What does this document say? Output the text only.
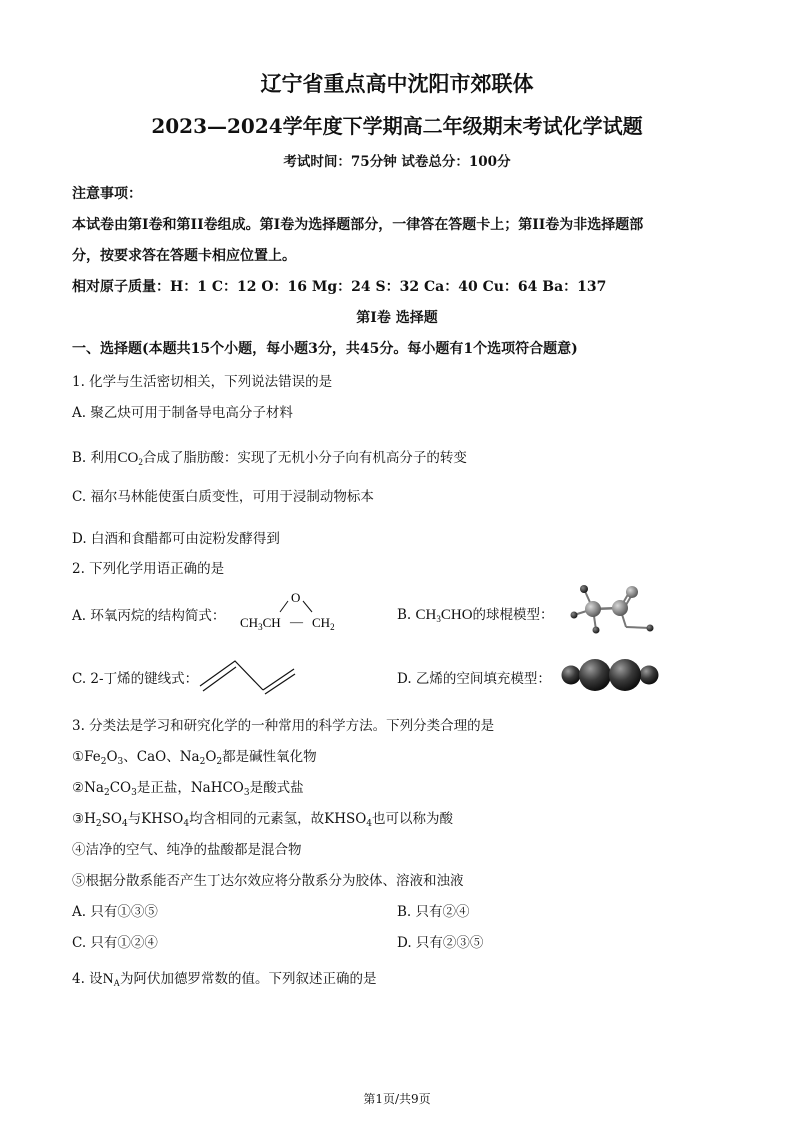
辽宁省重点高中沈阳市郊联体
2023—2024学年度下学期高二年级期末考试化学试题
考试时间：75分钟 试卷总分：100分
注意事项：
本试卷由第I卷和第II卷组成。第I卷为选择题部分，一律答在答题卡上；第II卷为非选择题部
分，按要求答在答题卡相应位置上。
相对原子质量：H：1 C：12 O：16 Mg：24 S：32 Ca：40 Cu：64 Ba：137
第I卷 选择题
一、选择题(本题共15个小题，每小题3分，共45分。每小题有1个选项符合题意)
1. 化学与生活密切相关，下列说法错误的是
A. 聚乙炔可用于制备导电高分子材料
B. 利用$CO_2$合成了脂肪酸：实现了无机小分子向有机高分子的转变
C. 福尔马林能使蛋白质变性，可用于浸制动物标本
D. 白酒和食醋都可由淀粉发酵得到
2. 下列化学用语正确的是
A. 环氧丙烷的结构简式：
O
$CH_3CH$ — $CH_2$
B. $CH_3CHO$的球棍模型：
C. 2-丁烯的键线式：	D. 乙烯的空间填充模型：
3. 分类法是学习和研究化学的一种常用的科学方法。下列分类合理的是
$①Fe_2O_3$、CaO、$Na_2O_2$都是碱性氧化物
$②Na_2CO_3$是正盐，NaHCO$_3$是酸式盐
$③H_2SO_4$与$KHSO_4$均含相同的元素氢，故$KHSO_4$也可以称为酸
④洁净的空气、纯净的盐酸都是混合物
⑤根据分散系能否产生丁达尔效应将分散系分为胶体、溶液和浊液
A. 只有①③⑤	B. 只有②④
C. 只有①②④	D. 只有②③⑤
4. 设$N_A$为阿伏加德罗常数的值。下列叙述正确的是
第1页/共9页
